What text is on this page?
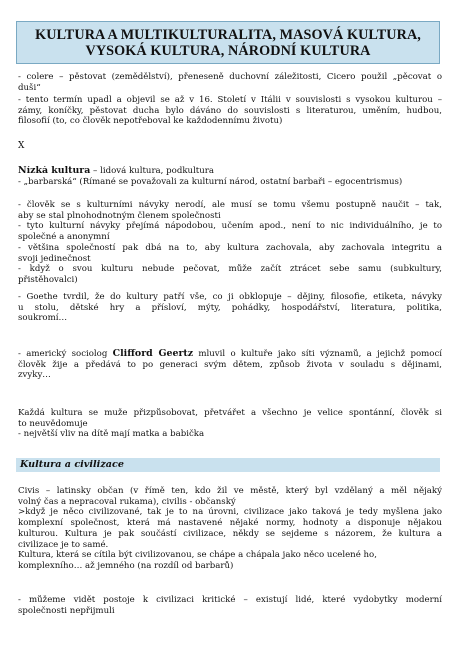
KULTURA A MULTIKULTURALITA, MASOVÁ KULTURA,
VYSOKÁ KULTURA, NÁRODNÍ KULTURA
- colere – pěstovat (zemědělství), přeneseně duchovní záležitosti, Cicero použil „pěcovat o
duši“
- tento termín upadl a objevil se až v 16. Století v Itálii v souvislosti s vysokou kulturou –
zámy, koníčky, pěstovat ducha bylo dáváno do souvislosti s literaturou, uměním, hudbou,
filosofií (to, co člověk nepotřeboval ke každodennímu životu)
X
Nízká kultura – lidová kultura, podkultura
- „barbarská“ (Římané se považovali za kulturní národ, ostatní barbaři – egocentrismus)
- člověk se s kulturními návyky nerodí, ale musí se tomu všemu postupně naučit – tak,
aby se stal plnohodnotným členem společnosti
- tyto kulturní návyky přejímá nápodobou, učením apod., není to nic individuálního, je to
společné a anonymní
- většina společností pak dbá na to, aby kultura zachovala, aby zachovala integritu a
svoji jedinečnost
- když o svou kulturu nebude pečovat, může začít ztrácet sebe samu (subkultury,
přistěhovalci)
- Goethe tvrdil, že do kultury patří vše, co ji obklopuje – dějiny, filosofie, etiketa, návyky
u stolu, dětské hry a přísloví, mýty, pohádky, hospodářství, literatura, politika,
soukromí…
- americký sociolog Clifford Geertz mluvil o kultuře jako síti významů, a jejichž pomocí
člověk žije a předává to po generaci svým dětem, způsob života v souladu s dějinami,
zvyky…
Každá kultura se muže přizpůsobovat, přetvářet a všechno je velice spontánní, člověk si
to neuvědomuje
- největší vliv na dítě mají matka a babička
Kultura a civilizace
Civis – latinsky občan (v římě ten, kdo žil ve městě, který byl vzdělaný a měl nějaký
volný čas a nepracoval rukama), civilis - občanský
>když je něco civilizované, tak je to na úrovni, civilizace jako taková je tedy myšlena jako
komplexní společnost, která má nastavené nějaké normy, hodnoty a disponuje nějakou
kulturou. Kultura je pak součástí civilizace, někdy se sejdeme s názorem, že kultura a
civilizace je to samé.
Kultura, která se cítila být civilizovanou, se chápe a chápala jako něco ucelené ho,
komplexního… až jemného (na rozdíl od barbarů)
- můžeme vidět postoje k civilizaci kritické – existují lidé, které vydobytky moderní
společnosti nepřijmuli
